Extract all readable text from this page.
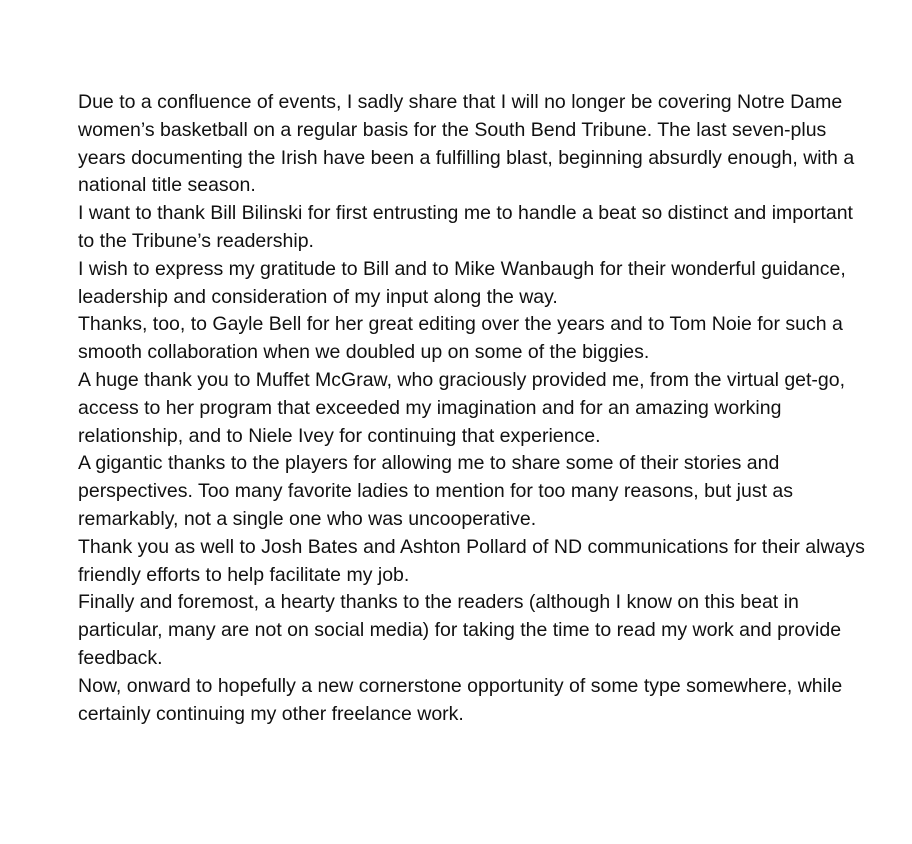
Due to a confluence of events, I sadly share that I will no longer be covering Notre Dame women’s basketball on a regular basis for the South Bend Tribune. The last seven-plus years documenting the Irish have been a fulfilling blast, beginning absurdly enough, with a national title season.

I want to thank Bill Bilinski for first entrusting me to handle a beat so distinct and important to the Tribune’s readership.

I wish to express my gratitude to Bill and to Mike Wanbaugh for their wonderful guidance, leadership and consideration of my input along the way.

Thanks, too, to Gayle Bell for her great editing over the years and to Tom Noie for such a smooth collaboration when we doubled up on some of the biggies.

A huge thank you to Muffet McGraw, who graciously provided me, from the virtual get-go, access to her program that exceeded my imagination and for an amazing working relationship, and to Niele Ivey for continuing that experience.

A gigantic thanks to the players for allowing me to share some of their stories and perspectives. Too many favorite ladies to mention for too many reasons, but just as remarkably, not a single one who was uncooperative.

Thank you as well to Josh Bates and Ashton Pollard of ND communications for their always friendly efforts to help facilitate my job.

Finally and foremost, a hearty thanks to the readers (although I know on this beat in particular, many are not on social media) for taking the time to read my work and provide feedback.

Now, onward to hopefully a new cornerstone opportunity of some type somewhere, while certainly continuing my other freelance work.
